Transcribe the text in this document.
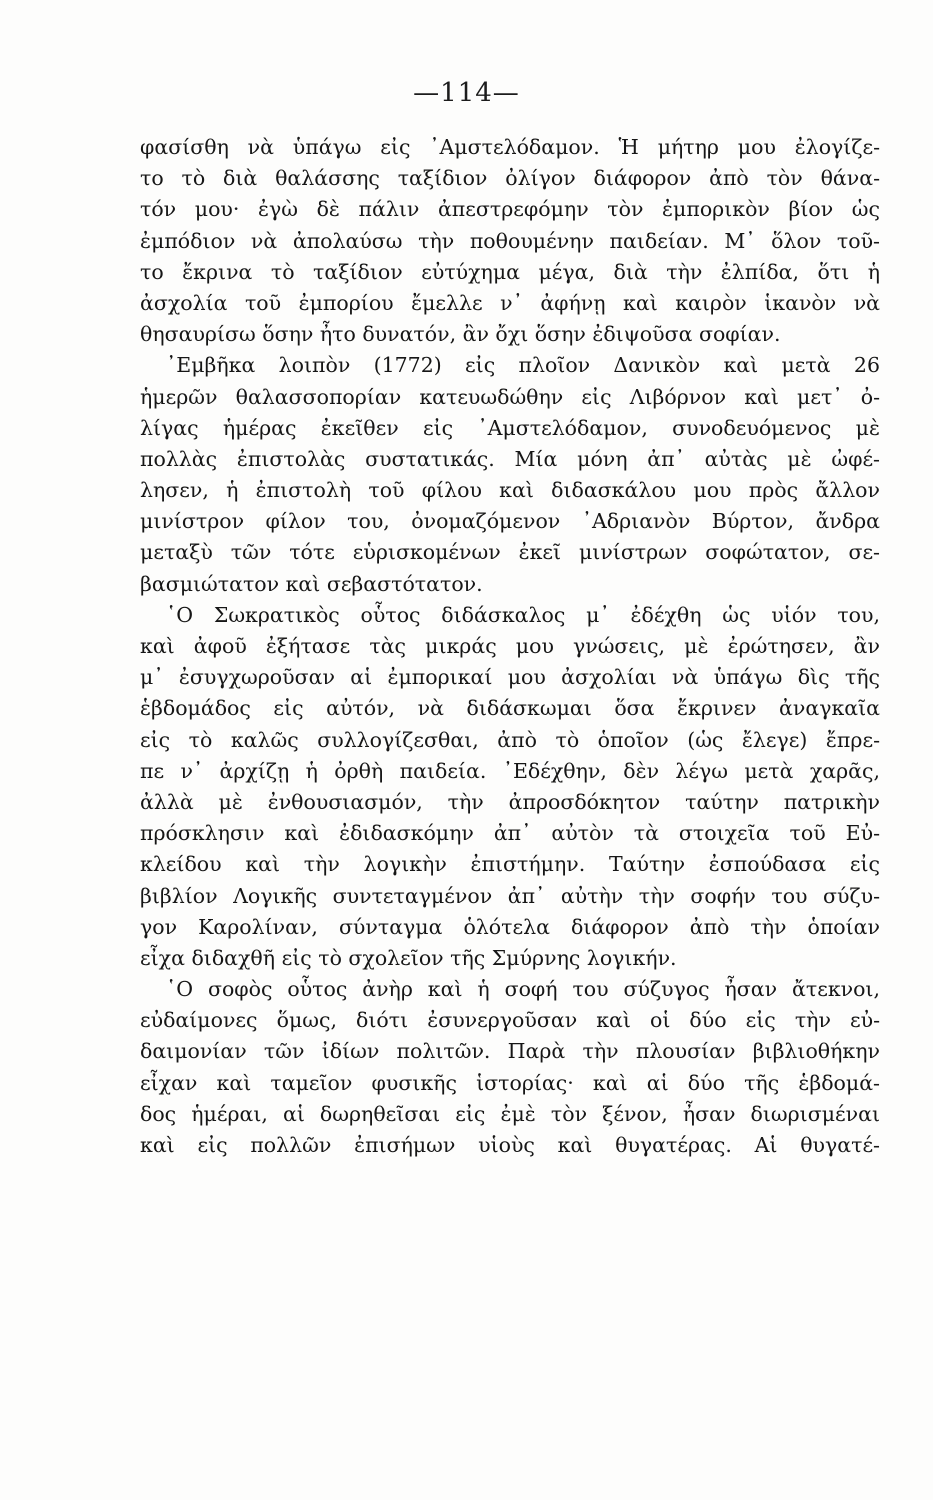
—114—
φασίσθη νὰ ὑπάγω εἰς ᾿Αμστελόδαμον. Ἡ μήτηρ μου ἐλογίζε-
το τὸ διὰ θαλάσσης ταξίδιον ὀλίγον διάφορον ἀπὸ τὸν θάνα-
τόν μου· ἐγὼ δὲ πάλιν ἀπεστρεφόμην τὸν ἐμπορικὸν βίον ὡς
ἐμπόδιον νὰ ἀπολαύσω τὴν ποθουμένην παιδείαν. Μ᾿ ὅλον τοῦ-
το ἔκρινα τὸ ταξίδιον εὐτύχημα μέγα, διὰ τὴν ἐλπίδα, ὅτι ἡ
ἀσχολία τοῦ ἐμπορίου ἔμελλε ν᾿ ἀφήνῃ καὶ καιρὸν ἱκανὸν νὰ
θησαυρίσω ὅσην ἦτο δυνατόν, ἂν ὄχι ὅσην ἐδιψοῦσα σοφίαν.
᾿Εμβῆκα λοιπὸν (1772) εἰς πλοῖον Δανικὸν καὶ μετὰ 26
ἡμερῶν θαλασσοπορίαν κατευωδώθην εἰς Λιβόρνον καὶ μετ᾿ ὀ-
λίγας ἡμέρας ἐκεῖθεν εἰς ᾿Αμστελόδαμον, συνοδευόμενος μὲ
πολλὰς ἐπιστολὰς συστατικάς. Μία μόνη ἀπ᾿ αὐτὰς μὲ ὠφέ-
λησεν, ἡ ἐπιστολὴ τοῦ φίλου καὶ διδασκάλου μου πρὸς ἄλλον
μινίστρον φίλον του, ὀνομαζόμενον ᾿Αδριανὸν Βύρτον, ἄνδρα
μεταξὺ τῶν τότε εὑρισκομένων ἐκεῖ μινίστρων σοφώτατον, σε-
βασμιώτατον καὶ σεβαστότατον.
῾Ο Σωκρατικὸς οὗτος διδάσκαλος μ᾿ ἐδέχθη ὡς υἱόν του,
καὶ ἀφοῦ ἐξήτασε τὰς μικράς μου γνώσεις, μὲ ἐρώτησεν, ἂν
μ᾿ ἐσυγχωροῦσαν αἱ ἐμπορικαί μου ἀσχολίαι νὰ ὑπάγω δὶς τῆς
ἑβδομάδος εἰς αὐτόν, νὰ διδάσκωμαι ὅσα ἔκρινεν ἀναγκαῖα
εἰς τὸ καλῶς συλλογίζεσθαι, ἀπὸ τὸ ὁποῖον (ὡς ἔλεγε) ἔπρε-
πε ν᾿ ἀρχίζῃ ἡ ὀρθὴ παιδεία. ᾿Εδέχθην, δὲν λέγω μετὰ χαρᾶς,
ἀλλὰ μὲ ἐνθουσιασμόν, τὴν ἀπροσδόκητον ταύτην πατρικὴν
πρόσκλησιν καὶ ἐδιδασκόμην ἀπ᾿ αὐτὸν τὰ στοιχεῖα τοῦ Εὐ-
κλείδου καὶ τὴν λογικὴν ἐπιστήμην. Ταύτην ἐσπούδασα εἰς
βιβλίον Λογικῆς συντεταγμένον ἀπ᾿ αὐτὴν τὴν σοφήν του σύζυ-
γον Καρολίναν, σύνταγμα ὁλότελα διάφορον ἀπὸ τὴν ὁποίαν
εἶχα διδαχθῆ εἰς τὸ σχολεῖον τῆς Σμύρνης λογικήν.
῾Ο σοφὸς οὗτος ἀνὴρ καὶ ἡ σοφή του σύζυγος ἦσαν ἄτεκνοι,
εὐδαίμονες ὅμως, διότι ἐσυνεργοῦσαν καὶ οἱ δύο εἰς τὴν εὐ-
δαιμονίαν τῶν ἰδίων πολιτῶν. Παρὰ τὴν πλουσίαν βιβλιοθήκην
εἶχαν καὶ ταμεῖον φυσικῆς ἱστορίας· καὶ αἱ δύο τῆς ἑβδομά-
δος ἡμέραι, αἱ δωρηθεῖσαι εἰς ἐμὲ τὸν ξένον, ἦσαν διωρισμέναι
καὶ εἰς πολλῶν ἐπισήμων υἱοὺς καὶ θυγατέρας. Αἱ θυγατέ-
